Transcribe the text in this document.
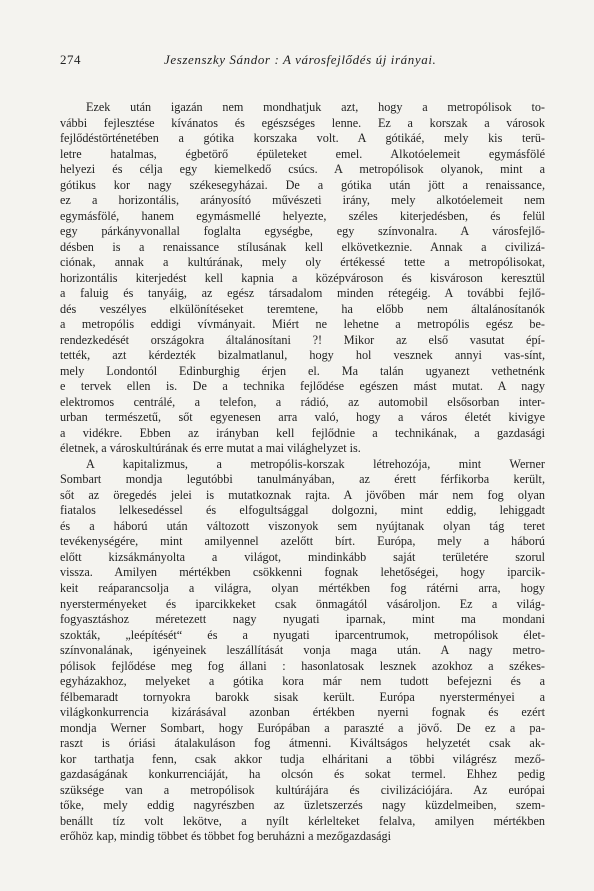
274	Jeszenszky Sándor : A városfejlődés új irányai.
Ezek után igazán nem mondhatjuk azt, hogy a metropólisok to-
vábbi fejlesztése kívánatos és egészséges lenne. Ez a korszak a városok
fejlődéstörténetében a gótika korszaka volt. A gótikáé, mely kis terü-
letre hatalmas, égbetörő épületeket emel. Alkotóelemeit egymásfölé
helyezi és célja egy kiemelkedő csúcs. A metropólisok olyanok, mint a
gótikus kor nagy székesegyházai. De a gótika után jött a renaissance,
ez a horizontális, arányosító művészeti irány, mely alkotóelemeit nem
egymásfölé, hanem egymásmellé helyezte, széles kiterjedésben, és felül
egy párkányvonallal foglalta egységbe, egy színvonalra. A városfejlő-
désben is a renaissance stílusának kell elkövetkeznie. Annak a civilizá-
ciónak, annak a kultúrának, mely oly értékessé tette a metropólisokat,
horizontális kiterjedést kell kapnia a középvároson és kisvároson keresztül
a faluig és tanyáig, az egész társadalom minden rétegéig. A további fejlő-
dés veszélyes elkülönítéseket teremtene, ha előbb nem általánosítanók
a metropólis eddigi vívmányait. Miért ne lehetne a metropólis egész be-
rendezkedését országokra általánosítani ?! Mikor az első vasutat épí-
tették, azt kérdezték bizalmatlanul, hogy hol vesznek annyi vas-sínt,
mely Londontól Edinburghig érjen el. Ma talán ugyanezt vethetnénk
e tervek ellen is. De a technika fejlődése egészen mást mutat. A nagy
elektromos centrálé, a telefon, a rádió, az automobil elsősorban inter-
urban természetű, sőt egyenesen arra való, hogy a város életét kivigye
a vidékre. Ebben az irányban kell fejlődnie a technikának, a gazdasági
életnek, a városkultúrának és erre mutat a mai világhelyzet is.
A kapitalizmus, a metropólis-korszak létrehozója, mint Werner
Sombart mondja legutóbbi tanulmányában, az érett férfikorba került,
sőt az öregedés jelei is mutatkoznak rajta. A jövőben már nem fog olyan
fiatalos lelkesedéssel és elfogultsággal dolgozni, mint eddig, lehiggadt
és a háború után változott viszonyok sem nyújtanak olyan tág teret
tevékenységére, mint amilyennel azelőtt bírt. Európa, mely a háború
előtt kizsákmányolta a világot, mindinkább saját területére szorul
vissza. Amilyen mértékben csökkenni fognak lehetőségei, hogy iparcik-
keit reáparancsolja a világra, olyan mértékben fog rátérni arra, hogy
nyersterményeket és iparcikkeket csak önmagától vásároljon. Ez a világ-
fogyasztáshoz méretezett nagy nyugati iparnak, mint ma mondani
szokták, „leépítését“ és a nyugati iparcentrumok, metropólisok élet-
színvonalának, igényeinek leszállítását vonja maga után. A nagy metro-
pólisok fejlődése meg fog állani : hasonlatosak lesznek azokhoz a székes-
egyházakhoz, melyeket a gótika kora már nem tudott befejezni és a
félbemaradt tornyokra barokk sisak került. Európa nyersterményei a
világkonkurrencia kizárásával azonban értékben nyerni fognak és ezért
mondja Werner Sombart, hogy Európában a paraszté a jövő. De ez a pa-
raszt is óriási átalakuláson fog átmenni. Kiváltságos helyzetét csak ak-
kor tarthatja fenn, csak akkor tudja elháritani a többi világrész mező-
gazdaságának konkurrenciáját, ha olcsón és sokat termel. Ehhez pedig
szüksége van a metropólisok kultúrájára és civilizációjára. Az európai
tőke, mely eddig nagyrészben az üzletszerzés nagy küzdelmeiben, szem-
benállt tíz volt lekötve, a nyílt kérlelteket felalva, amilyen mértékben
erőhöz kap, mindig többet és többet fog beruházni a mezőgazdasági
